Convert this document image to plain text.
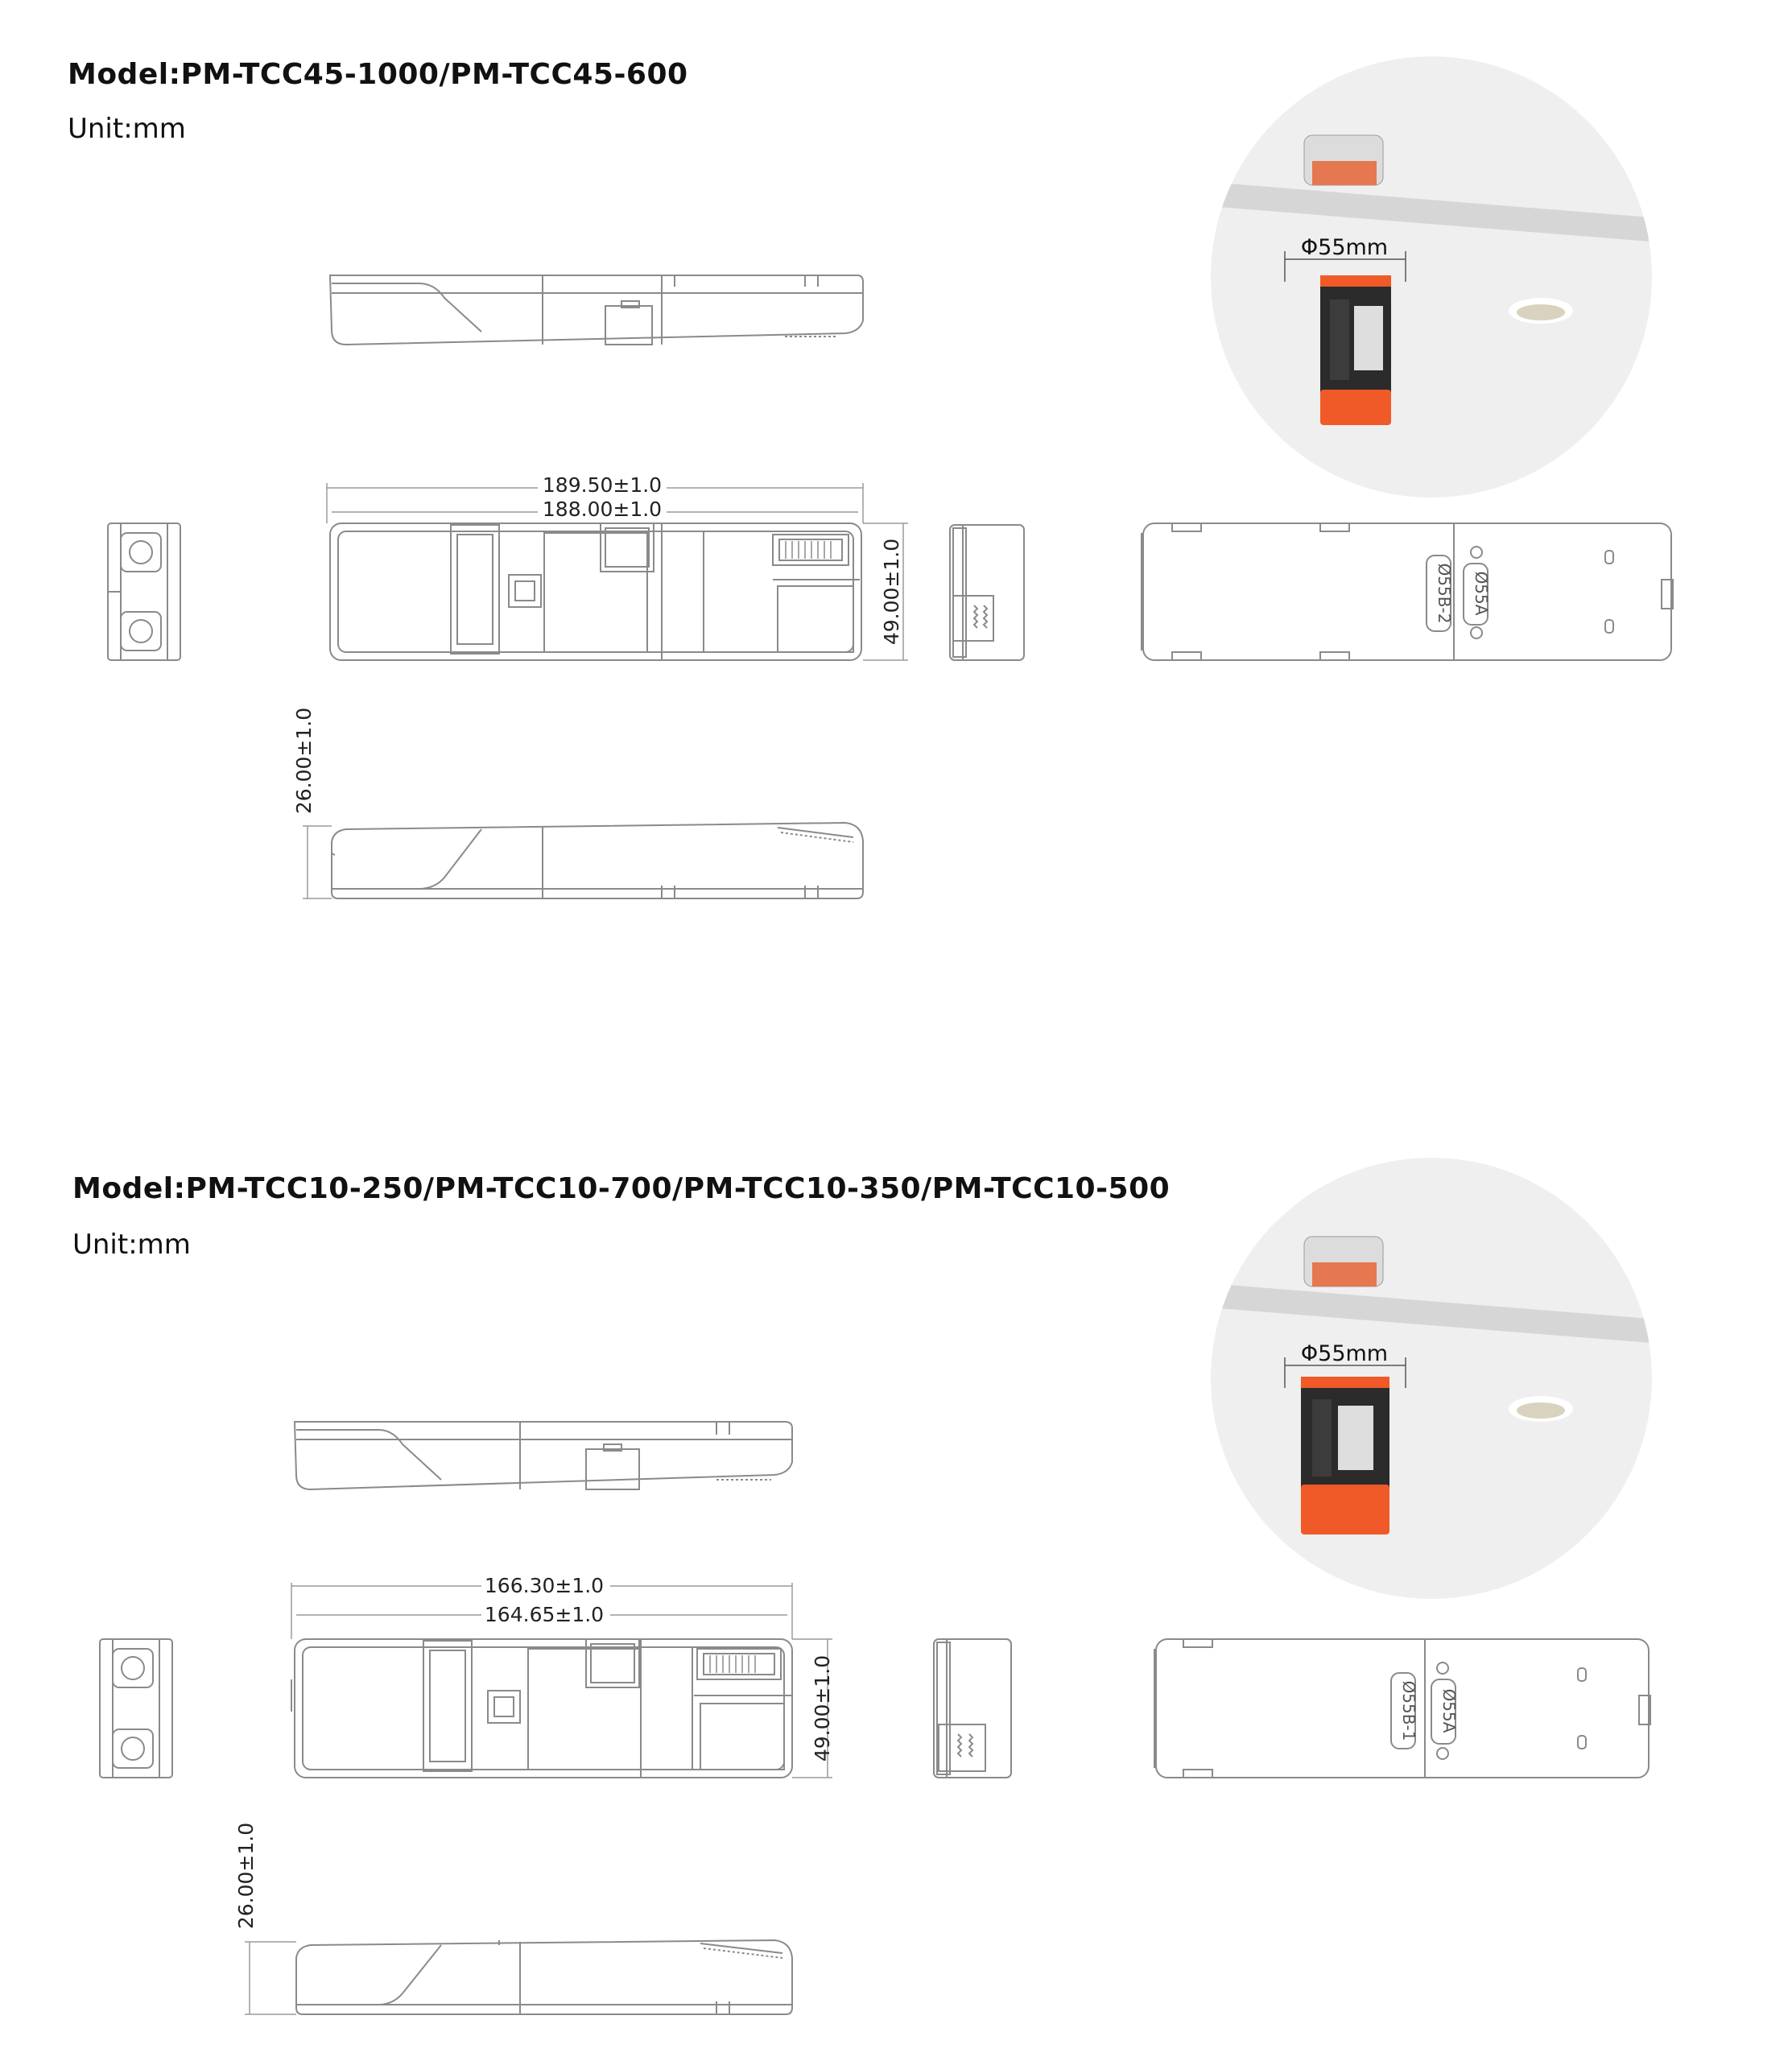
Model:PM-TCC45-1000/PM-TCC45-600
Unit:mm
189.50±1.0
188.00±1.0
49.00±1.0
26.00±1.0
Ø55B-2 Ø55A
Φ55mm
Model:PM-TCC10-250/PM-TCC10-700/PM-TCC10-350/PM-TCC10-500
Unit:mm
166.30±1.0
164.65±1.0
49.00±1.0
26.00±1.0
Ø55B-1 Ø55A
Φ55mm
